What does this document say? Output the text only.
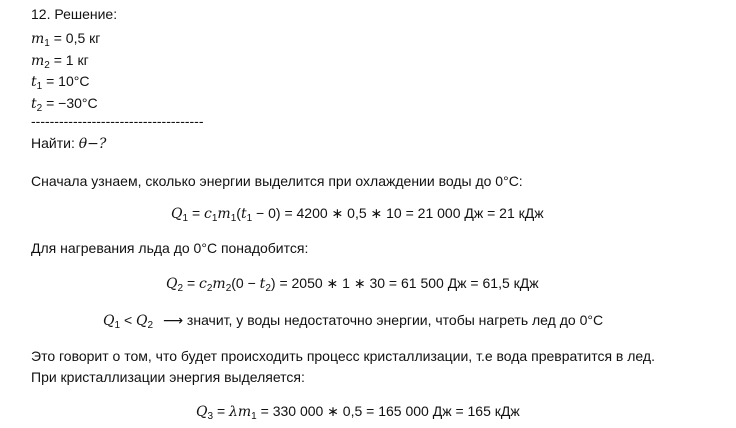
12. Решение:
$m_1 = 0,5$ кг
$m_2 = 1$ кг
$t_1 = 10^\circ C$
$t_2 = -30^\circ C$
-------------------------------------
Найти: θ−?
Сначала узнаем, сколько энергии выделится при охлаждении воды до 0°С:
$Q_1 = c_1m_1(t_1 - 0) = 4200$ ∗ 0,5 ∗ 10 = 21 000 Дж = 21 кДж
Для нагревания льда до 0°С понадобится:
$Q_2 = c_2m_2(0 - t_2) = 2050$ ∗ 1 ∗ 30 = 61 500 Дж = 61,5 кДж
$Q_1 < Q_2$ ⟶ значит, у воды недостаточно энергии, чтобы нагреть лед до 0°С
Это говорит о том, что будет происходить процесс кристаллизации, т.е вода превратится в лед.
При кристаллизации энергия выделяется:
$Q_3 = \lambda m_1 = 330$ 000 ∗ 0,5 = 165 000 Дж = 165 кДж
